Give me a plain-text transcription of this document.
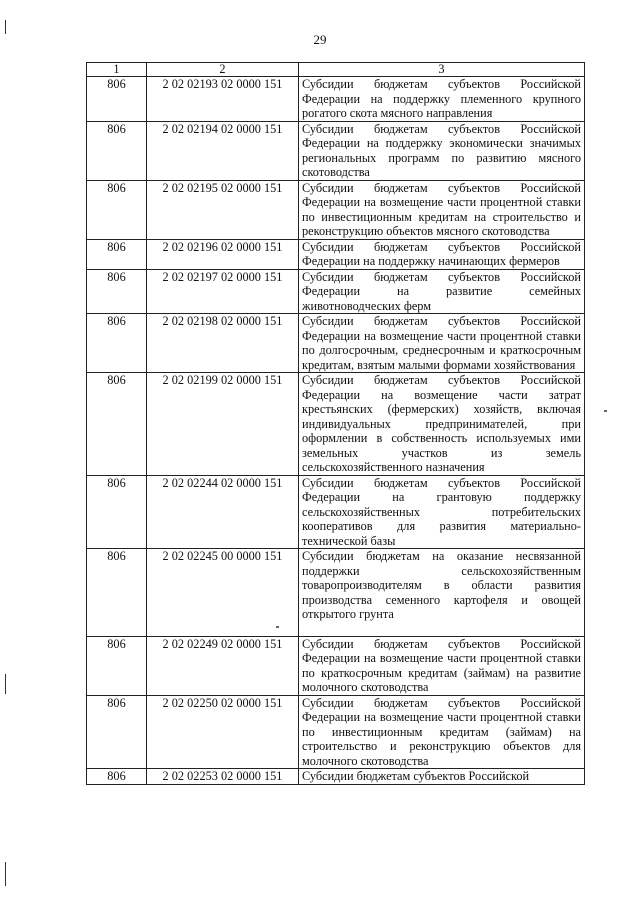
29
1	2	3
806	2 02 02193 02 0000 151	Субсидии бюджетам субъектов Российской Федерации на поддержку племенного крупного рогатого скота мясного направления
806	2 02 02194 02 0000 151	Субсидии бюджетам субъектов Российской Федерации на поддержку экономически значимых региональных программ по развитию мясного скотоводства
806	2 02 02195 02 0000 151	Субсидии бюджетам субъектов Российской Федерации на возмещение части процентной ставки по инвестиционным кредитам на строительство и реконструкцию объектов мясного скотоводства
806	2 02 02196 02 0000 151	Субсидии бюджетам субъектов Российской Федерации на поддержку начинающих фермеров
806	2 02 02197 02 0000 151	Субсидии бюджетам субъектов Российской Федерации на развитие семейных животноводческих ферм
806	2 02 02198 02 0000 151	Субсидии бюджетам субъектов Российской Федерации на возмещение части процентной ставки по долгосрочным, среднесрочным и краткосрочным кредитам, взятым малыми формами хозяйствования
806	2 02 02199 02 0000 151	Субсидии бюджетам субъектов Российской Федерации на возмещение части затрат крестьянских (фермерских) хозяйств, включая индивидуальных предпринимателей, при оформлении в собственность используемых ими земельных участков из земель сельскохозяйственного назначения
806	2 02 02244 02 0000 151	Субсидии бюджетам субъектов Российской Федерации на грантовую поддержку сельскохозяйственных потребительских кооперативов для развития материально-технической базы
806	2 02 02245 00 0000 151	Субсидии бюджетам на оказание несвязанной поддержки сельскохозяйственным товаропроизводителям в области развития производства семенного картофеля и овощей открытого грунта

806	2 02 02249 02 0000 151	Субсидии бюджетам субъектов Российской Федерации на возмещение части процентной ставки по краткосрочным кредитам (займам) на развитие молочного скотоводства
806	2 02 02250 02 0000 151	Субсидии бюджетам субъектов Российской Федерации на возмещение части процентной ставки по инвестиционным кредитам (займам) на строительство и реконструкцию объектов для молочного скотоводства
806	2 02 02253 02 0000 151	Субсидии бюджетам субъектов Российской
